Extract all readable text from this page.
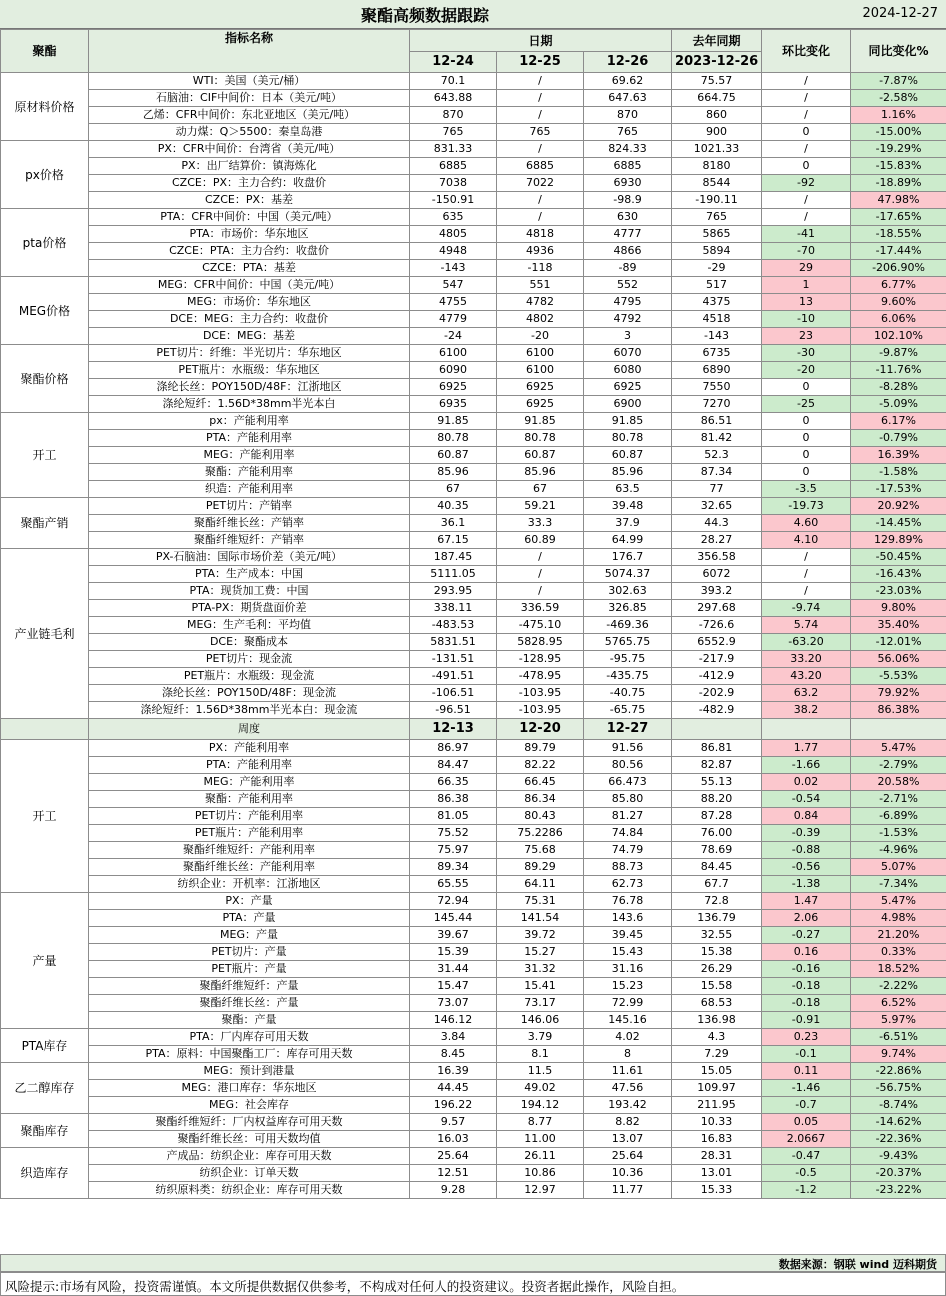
聚酯高频数据跟踪	2024-12-27
聚酯	指标名称	日期			去年同期	环比变化	同比变化%
		12-24	12-25	12-26	2023-12-26		
原材料价格	WTI：美国（美元/桶）	70.1	/	69.62	75.57	/	-7.87%
	石脑油：CIF中间价：日本（美元/吨）	643.88	/	647.63	664.75	/	-2.58%
	乙烯：CFR中间价：东北亚地区（美元/吨）	870	/	870	860	/	1.16%
	动力煤：Q＞5500：秦皇岛港	765	765	765	900	0	-15.00%
px价格	PX：CFR中间价：台湾省（美元/吨）	831.33	/	824.33	1021.33	/	-19.29%
	PX：出厂结算价：镇海炼化	6885	6885	6885	8180	0	-15.83%
	CZCE：PX：主力合约：收盘价	7038	7022	6930	8544	-92	-18.89%
	CZCE：PX：基差	-150.91	/	-98.9	-190.11	/	47.98%
pta价格	PTA：CFR中间价：中国（美元/吨）	635	/	630	765	/	-17.65%
	PTA：市场价：华东地区	4805	4818	4777	5865	-41	-18.55%
	CZCE：PTA：主力合约：收盘价	4948	4936	4866	5894	-70	-17.44%
	CZCE：PTA：基差	-143	-118	-89	-29	29	-206.90%
MEG价格	MEG：CFR中间价：中国（美元/吨）	547	551	552	517	1	6.77%
	MEG：市场价：华东地区	4755	4782	4795	4375	13	9.60%
	DCE：MEG：主力合约：收盘价	4779	4802	4792	4518	-10	6.06%
	DCE：MEG：基差	-24	-20	3	-143	23	102.10%
聚酯价格	PET切片：纤维：半光切片：华东地区	6100	6100	6070	6735	-30	-9.87%
	PET瓶片：水瓶级：华东地区	6090	6100	6080	6890	-20	-11.76%
	涤纶长丝：POY150D/48F：江浙地区	6925	6925	6925	7550	0	-8.28%
	涤纶短纤：1.56D*38mm半光本白	6935	6925	6900	7270	-25	-5.09%
开工	px：产能利用率	91.85	91.85	91.85	86.51	0	6.17%
	PTA：产能利用率	80.78	80.78	80.78	81.42	0	-0.79%
	MEG：产能利用率	60.87	60.87	60.87	52.3	0	16.39%
	聚酯：产能利用率	85.96	85.96	85.96	87.34	0	-1.58%
	织造：产能利用率	67	67	63.5	77	-3.5	-17.53%
聚酯产销	PET切片：产销率	40.35	59.21	39.48	32.65	-19.73	20.92%
	聚酯纤维长丝：产销率	36.1	33.3	37.9	44.3	4.60	-14.45%
	聚酯纤维短纤：产销率	67.15	60.89	64.99	28.27	4.10	129.89%
产业链毛利	PX-石脑油：国际市场价差（美元/吨）	187.45	/	176.7	356.58	/	-50.45%
	PTA：生产成本：中国	5111.05	/	5074.37	6072	/	-16.43%
	PTA：现货加工费：中国	293.95	/	302.63	393.2	/	-23.03%
	PTA-PX：期货盘面价差	338.11	336.59	326.85	297.68	-9.74	9.80%
	MEG：生产毛利：平均值	-483.53	-475.10	-469.36	-726.6	5.74	35.40%
	DCE：聚酯成本	5831.51	5828.95	5765.75	6552.9	-63.20	-12.01%
	PET切片：现金流	-131.51	-128.95	-95.75	-217.9	33.20	56.06%
	PET瓶片：水瓶级：现金流	-491.51	-478.95	-435.75	-412.9	43.20	-5.53%
	涤纶长丝：POY150D/48F：现金流	-106.51	-103.95	-40.75	-202.9	63.2	79.92%
	涤纶短纤：1.56D*38mm半光本白：现金流	-96.51	-103.95	-65.75	-482.9	38.2	86.38%
	周度	12-13	12-20	12-27			
开工	PX：产能利用率	86.97	89.79	91.56	86.81	1.77	5.47%
	PTA：产能利用率	84.47	82.22	80.56	82.87	-1.66	-2.79%
	MEG：产能利用率	66.35	66.45	66.473	55.13	0.02	20.58%
	聚酯：产能利用率	86.38	86.34	85.80	88.20	-0.54	-2.71%
	PET切片：产能利用率	81.05	80.43	81.27	87.28	0.84	-6.89%
	PET瓶片：产能利用率	75.52	75.2286	74.84	76.00	-0.39	-1.53%
	聚酯纤维短纤：产能利用率	75.97	75.68	74.79	78.69	-0.88	-4.96%
	聚酯纤维长丝：产能利用率	89.34	89.29	88.73	84.45	-0.56	5.07%
	纺织企业：开机率：江浙地区	65.55	64.11	62.73	67.7	-1.38	-7.34%
产量	PX：产量	72.94	75.31	76.78	72.8	1.47	5.47%
	PTA：产量	145.44	141.54	143.6	136.79	2.06	4.98%
	MEG：产量	39.67	39.72	39.45	32.55	-0.27	21.20%
	PET切片：产量	15.39	15.27	15.43	15.38	0.16	0.33%
	PET瓶片：产量	31.44	31.32	31.16	26.29	-0.16	18.52%
	聚酯纤维短纤：产量	15.47	15.41	15.23	15.58	-0.18	-2.22%
	聚酯纤维长丝：产量	73.07	73.17	72.99	68.53	-0.18	6.52%
	聚酯：产量	146.12	146.06	145.16	136.98	-0.91	5.97%
PTA库存	PTA：厂内库存可用天数	3.84	3.79	4.02	4.3	0.23	-6.51%
	PTA：原料：中国聚酯工厂：库存可用天数	8.45	8.1	8	7.29	-0.1	9.74%
乙二醇库存	MEG：预计到港量	16.39	11.5	11.61	15.05	0.11	-22.86%
	MEG：港口库存：华东地区	44.45	49.02	47.56	109.97	-1.46	-56.75%
	MEG：社会库存	196.22	194.12	193.42	211.95	-0.7	-8.74%
聚酯库存	聚酯纤维短纤：厂内权益库存可用天数	9.57	8.77	8.82	10.33	0.05	-14.62%
	聚酯纤维长丝：可用天数均值	16.03	11.00	13.07	16.83	2.0667	-22.36%
织造库存	产成品：纺织企业：库存可用天数	25.64	26.11	25.64	28.31	-0.47	-9.43%
	纺织企业：订单天数	12.51	10.86	10.36	13.01	-0.5	-20.37%
	纺织原料类：纺织企业：库存可用天数	9.28	12.97	11.77	15.33	-1.2	-23.22%
数据来源：钢联 wind 迈科期货
风险提示:市场有风险，投资需谨慎。本文所提供数据仅供参考，不构成对任何人的投资建议。投资者据此操作，风险自担。
